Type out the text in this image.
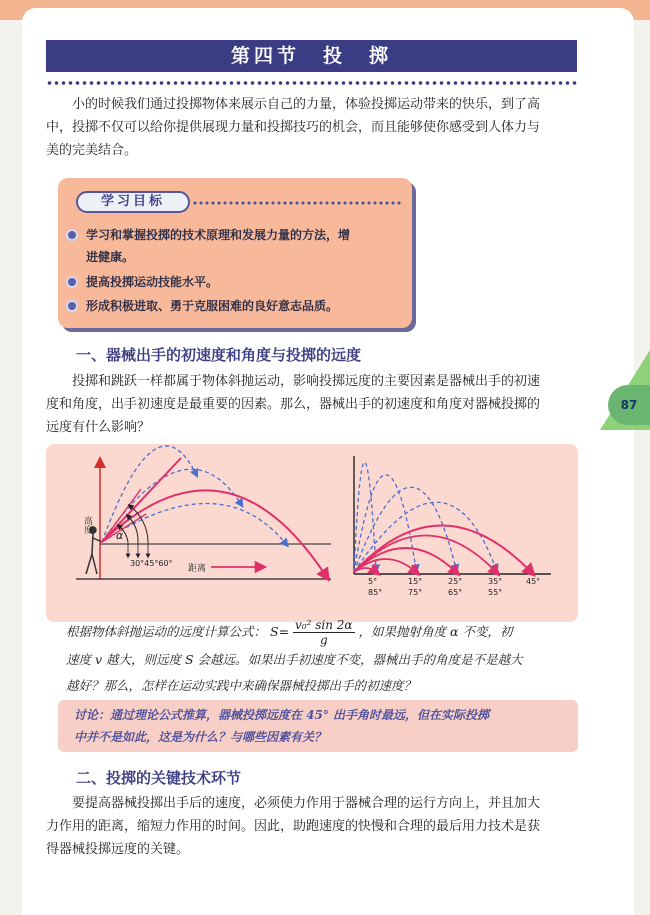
第四节　投　掷
小的时候我们通过投掷物体来展示自己的力量，体验投掷运动带来的快乐，到了高
中，投掷不仅可以给你提供展现力量和投掷技巧的机会，而且能够使你感受到人体力与
美的完美结合。
学习目标
学习和掌握投掷的技术原理和发展力量的方法，增
进健康。
提高投掷运动技能水平。
形成积极进取、勇于克服困难的良好意志品质。
一、器械出手的初速度和角度与投掷的远度
投掷和跳跃一样都属于物体斜抛运动，影响投掷远度的主要因素是器械出手的初速
度和角度，出手初速度是最重要的因素。那么，器械出手的初速度和角度对器械投掷的
远度有什么影响？
87
α
30°45°60°
距离
高度
5°	15°	25°	35°	45°
85°	75°	65°	55°
根据物体斜抛运动的远度计算公式： $S= \frac{\text{v₀² sin 2α}}{g}$ ，如果抛射角度 α 不变，初
速度 v 越大，则远度 S 会越远。如果出手初速度不变，器械出手的角度是不是越大
越好？那么，怎样在运动实践中来确保器械投掷出手的初速度？
讨论：通过理论公式推算，器械投掷远度在 45° 出手角时最远，但在实际投掷
中并不是如此，这是为什么？与哪些因素有关？
二、投掷的关键技术环节
要提高器械投掷出手后的速度，必须使力作用于器械合理的运行方向上，并且加大
力作用的距离，缩短力作用的时间。因此，助跑速度的快慢和合理的最后用力技术是获
得器械投掷远度的关键。
